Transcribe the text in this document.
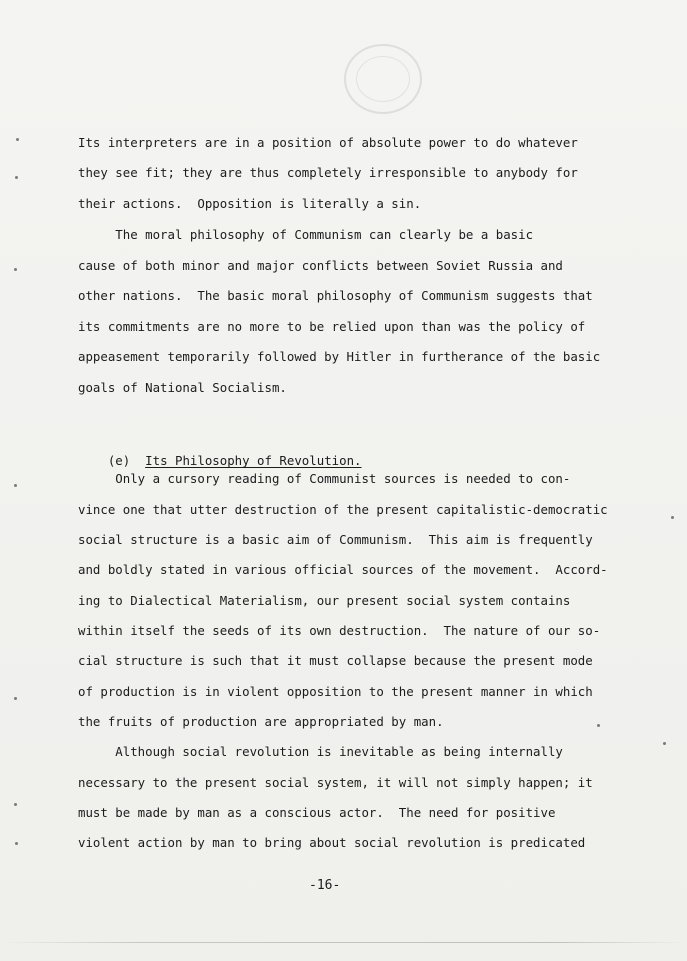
Its interpreters are in a position of absolute power to do whatever
they see fit; they are thus completely irresponsible to anybody for
their actions.  Opposition is literally a sin.
The moral philosophy of Communism can clearly be a basic
cause of both minor and major conflicts between Soviet Russia and
other nations.  The basic moral philosophy of Communism suggests that
its commitments are no more to be relied upon than was the policy of
appeasement temporarily followed by Hitler in furtherance of the basic
goals of National Socialism.

(e)  Its Philosophy of Revolution.

Only a cursory reading of Communist sources is needed to con-
vince one that utter destruction of the present capitalistic-democratic
social structure is a basic aim of Communism.  This aim is frequently
and boldly stated in various official sources of the movement.  Accord-
ing to Dialectical Materialism, our present social system contains
within itself the seeds of its own destruction.  The nature of our so-
cial structure is such that it must collapse because the present mode
of production is in violent opposition to the present manner in which
the fruits of production are appropriated by man.
Although social revolution is inevitable as being internally
necessary to the present social system, it will not simply happen; it
must be made by man as a conscious actor.  The need for positive
violent action by man to bring about social revolution is predicated
-16-
